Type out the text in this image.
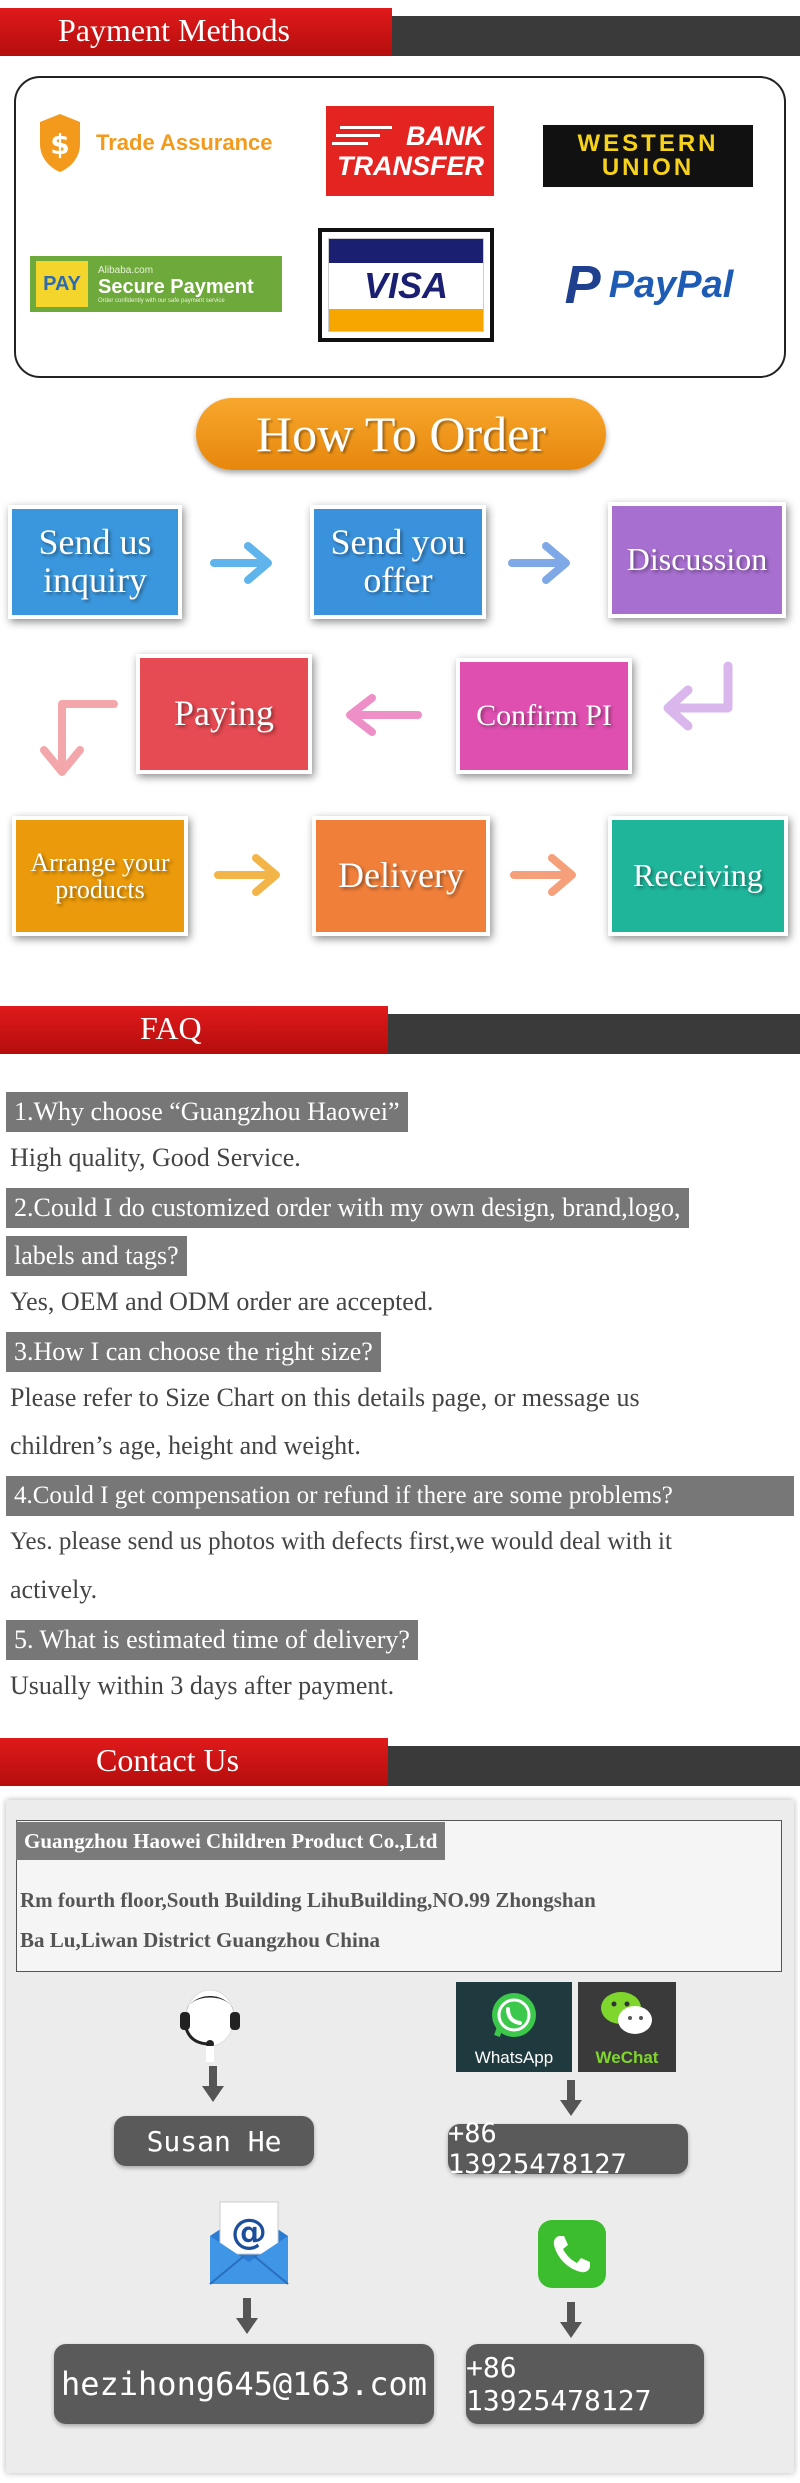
Payment Methods
$ Trade Assurance	BANK
TRANSFER
WESTERN
UNION
PAY
Alibaba.com
Secure Payment
Order confidently with our safe payment service	VISA	P PayPal
How To Order
Send us
inquiry
Send you
offer
Discussion
Confirm PI
Paying
Arrange your
products	Delivery	Receiving
FAQ
1.Why choose “Guangzhou Haowei”
High quality, Good Service.
2.Could I do customized order with my own design, brand,logo,
labels and tags?
Yes, OEM and ODM order are accepted.
3.How I can choose the right size?
Please refer to Size Chart on this details page, or message us
children’s age, height and weight.
4.Could I get compensation or refund if there are some problems?
Yes. please send us photos with defects first,we would deal with it
actively.
5. What is estimated time of delivery?
Usually within 3 days after payment.
Contact Us
Guangzhou Haowei Children Product Co.,Ltd
Rm fourth floor,South Building LihuBuilding,NO.99 Zhongshan
Ba Lu,Liwan District Guangzhou China
Susan He
WhatsApp WeChat
+86 13925478127
@
hezihong645@163.com +86 13925478127
